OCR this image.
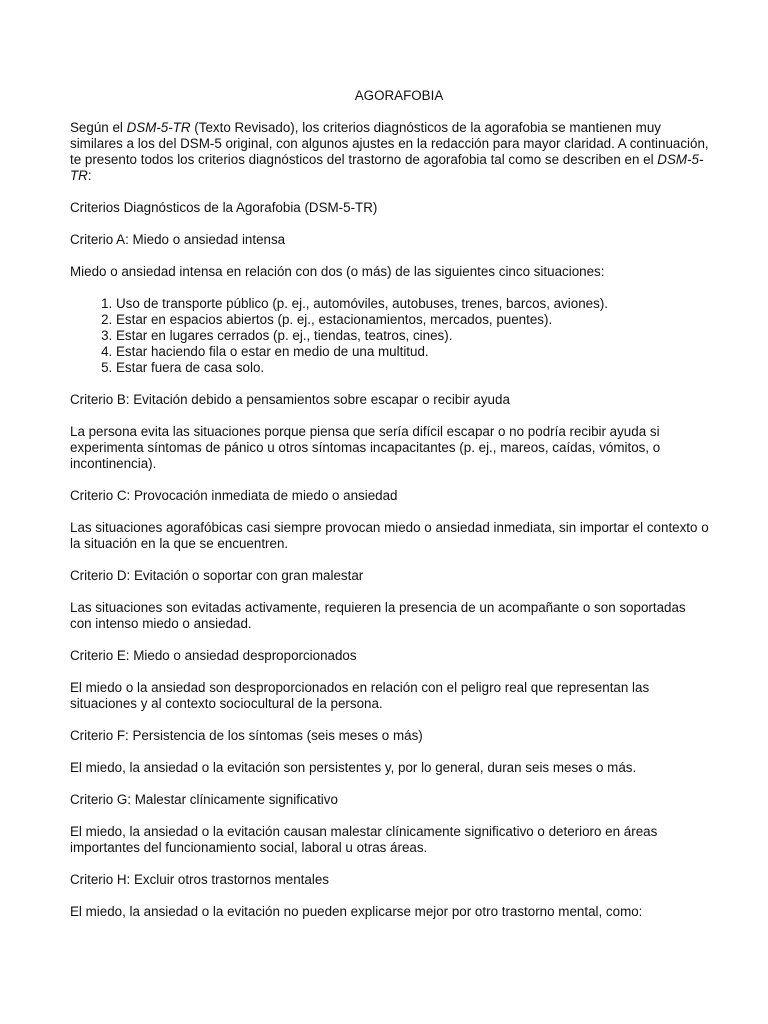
AGORAFOBIA

Según el DSM-5-TR (Texto Revisado), los criterios diagnósticos de la agorafobia se mantienen muy similares a los del DSM-5 original, con algunos ajustes en la redacción para mayor claridad. A continuación, te presento todos los criterios diagnósticos del trastorno de agorafobia tal como se describen en el DSM-5-TR:

Criterios Diagnósticos de la Agorafobia (DSM-5-TR)

Criterio A: Miedo o ansiedad intensa

Miedo o ansiedad intensa en relación con dos (o más) de las siguientes cinco situaciones:

1. Uso de transporte público (p. ej., automóviles, autobuses, trenes, barcos, aviones).
2. Estar en espacios abiertos (p. ej., estacionamientos, mercados, puentes).
3. Estar en lugares cerrados (p. ej., tiendas, teatros, cines).
4. Estar haciendo fila o estar en medio de una multitud.
5. Estar fuera de casa solo.

Criterio B: Evitación debido a pensamientos sobre escapar o recibir ayuda

La persona evita las situaciones porque piensa que sería difícil escapar o no podría recibir ayuda si experimenta síntomas de pánico u otros síntomas incapacitantes (p. ej., mareos, caídas, vómitos, o incontinencia).

Criterio C: Provocación inmediata de miedo o ansiedad

Las situaciones agorafóbicas casi siempre provocan miedo o ansiedad inmediata, sin importar el contexto o la situación en la que se encuentren.

Criterio D: Evitación o soportar con gran malestar

Las situaciones son evitadas activamente, requieren la presencia de un acompañante o son soportadas con intenso miedo o ansiedad.

Criterio E: Miedo o ansiedad desproporcionados

El miedo o la ansiedad son desproporcionados en relación con el peligro real que representan las situaciones y al contexto sociocultural de la persona.

Criterio F: Persistencia de los síntomas (seis meses o más)

El miedo, la ansiedad o la evitación son persistentes y, por lo general, duran seis meses o más.

Criterio G: Malestar clínicamente significativo

El miedo, la ansiedad o la evitación causan malestar clínicamente significativo o deterioro en áreas importantes del funcionamiento social, laboral u otras áreas.

Criterio H: Excluir otros trastornos mentales

El miedo, la ansiedad o la evitación no pueden explicarse mejor por otro trastorno mental, como:
